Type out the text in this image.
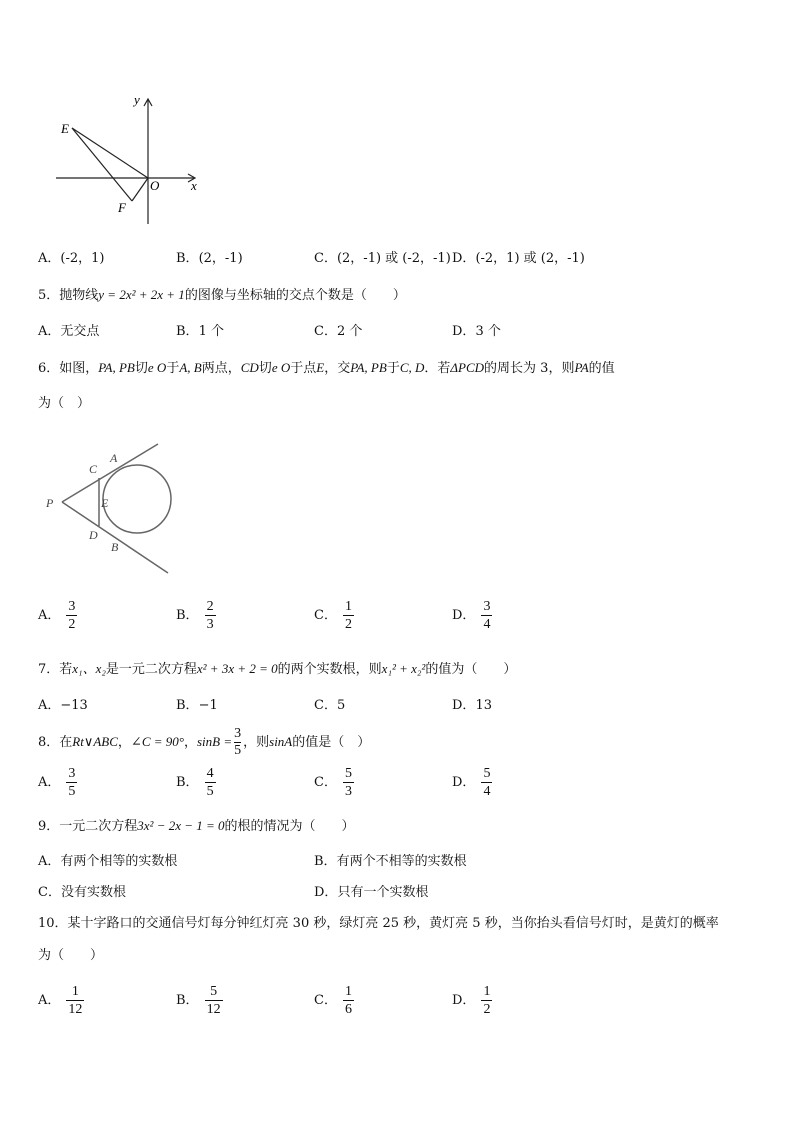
y
x
O
E
F
A．(-2，1)	B．(2，-1)	C．(2，-1) 或 (-2，-1) D．(-2，1) 或 (2，-1)
5．抛物线y = 2x² + 2x + 1的图像与坐标轴的交点个数是（　　）
A．无交点	B．1 个	C．2 个	D．3 个
6．如图，PA, PB切e O于A, B两点，CD切e O于点E，交PA, PB于C, D．若ΔPCD的周长为 3，则PA的值
为（　）
C
A
P	E
D
B
A． $\frac{3}{2}$	B． $\frac{2}{3}$	C． $\frac{1}{2}$	D． $\frac{3}{4}$
7．若x₁、x₂是一元二次方程x² + 3x + 2 = 0的两个实数根，则x₁² + x₂²的值为（　　）
A．−13	B．−1	C．5	D．13
8．在Rt∨ABC，∠C = 90°，$\sin B = \frac{3}{5}$ ，则sinA的值是（　）
A． $\frac{3}{5}$	B． $\frac{4}{5}$	C． $\frac{5}{3}$	D． $\frac{5}{4}$
9．一元二次方程3x² − 2x − 1 = 0的根的情况为（　　）
A．有两个相等的实数根	B．有两个不相等的实数根
C．没有实数根	D．只有一个实数根
10．某十字路口的交通信号灯每分钟红灯亮 30 秒，绿灯亮 25 秒，黄灯亮 5 秒，当你抬头看信号灯时，是黄灯的概率
为（　　）
A． $\frac{1}{12}$	B． $\frac{5}{12}$	C． $\frac{1}{6}$	D． $\frac{1}{2}$
